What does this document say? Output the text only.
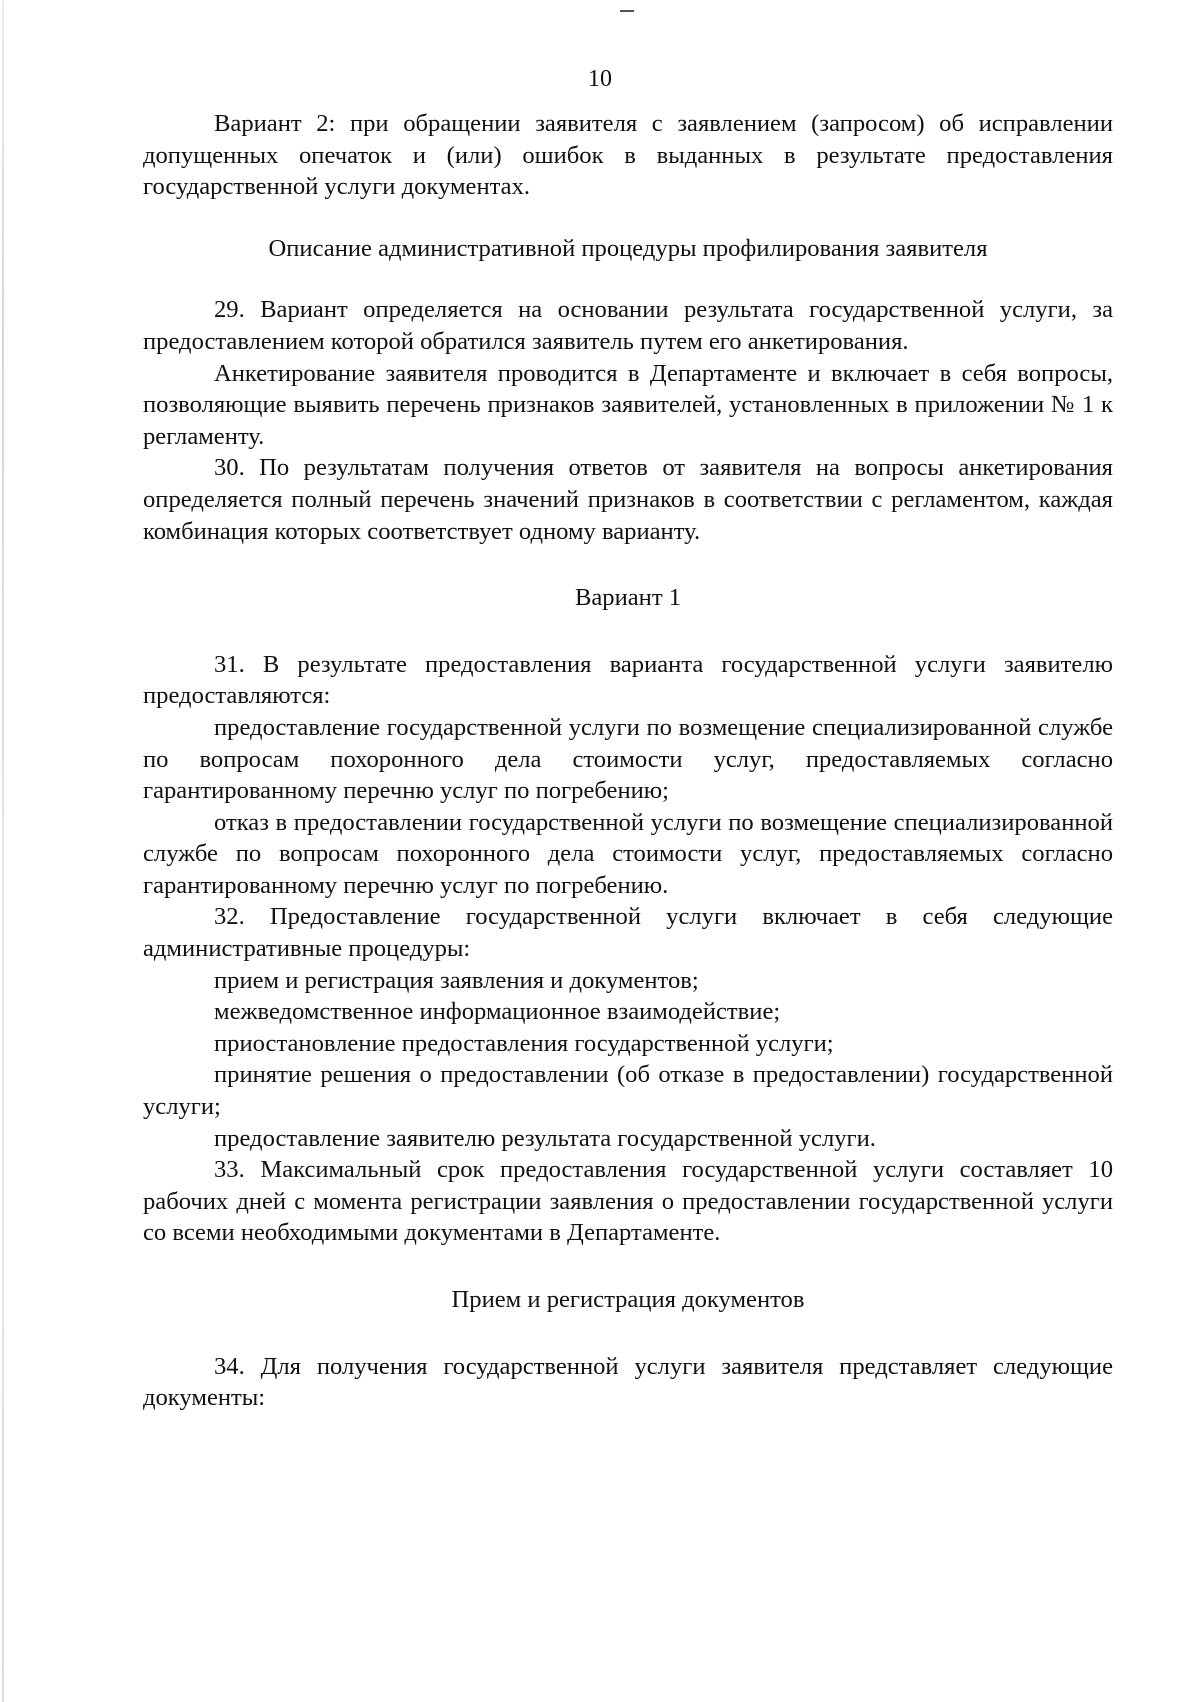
10

Вариант 2: при обращении заявителя с заявлением (запросом) об исправлении допущенных опечаток и (или) ошибок в выданных в результате предоставления государственной услуги документах.

Описание административной процедуры профилирования заявителя

29. Вариант определяется на основании результата государственной услуги, за предоставлением которой обратился заявитель путем его анкетирования.

Анкетирование заявителя проводится в Департаменте и включает в себя вопросы, позволяющие выявить перечень признаков заявителей, установленных в приложении № 1 к регламенту.

30. По результатам получения ответов от заявителя на вопросы анкетирования определяется полный перечень значений признаков в соответствии с регламентом, каждая комбинация которых соответствует одному варианту.

Вариант 1

31. В результате предоставления варианта государственной услуги заявителю предоставляются:

предоставление государственной услуги по возмещение специализированной службе по вопросам похоронного дела стоимости услуг, предоставляемых согласно гарантированному перечню услуг по погребению;

отказ в предоставлении государственной услуги по возмещение специализированной службе по вопросам похоронного дела стоимости услуг, предоставляемых согласно гарантированному перечню услуг по погребению.

32. Предоставление государственной услуги включает в себя следующие административные процедуры:

прием и регистрация заявления и документов;

межведомственное информационное взаимодействие;

приостановление предоставления государственной услуги;

принятие решения о предоставлении (об отказе в предоставлении) государственной услуги;

предоставление заявителю результата государственной услуги.

33. Максимальный срок предоставления государственной услуги составляет 10 рабочих дней с момента регистрации заявления о предоставлении государственной услуги со всеми необходимыми документами в Департаменте.

Прием и регистрация документов

34. Для получения государственной услуги заявителя представляет следующие документы:
